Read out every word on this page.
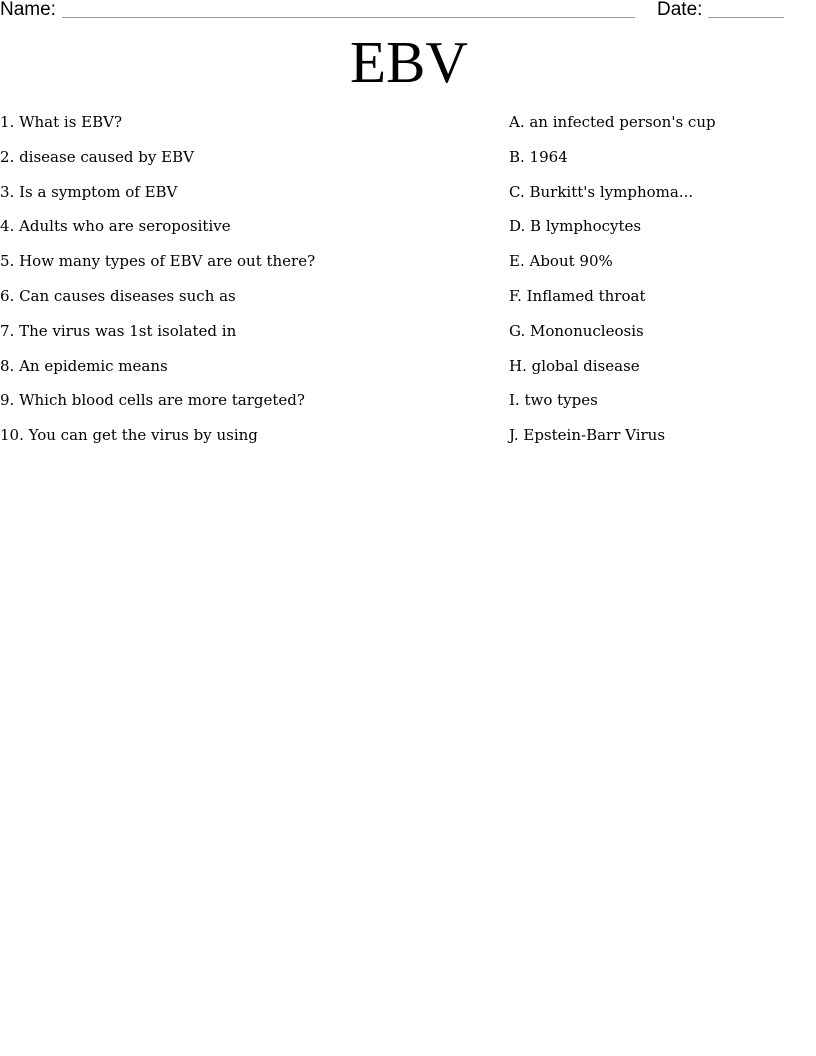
Name:	Date:
EBV
1. What is EBV?
2. disease caused by EBV
3. Is a symptom of EBV
4. Adults who are seropositive
5. How many types of EBV are out there?
6. Can causes diseases such as
7. The virus was 1st isolated in
8. An epidemic means
9. Which blood cells are more targeted?
10. You can get the virus by using
A. an infected person's cup
B. 1964
C. Burkitt's lymphoma...
D. B lymphocytes
E. About 90%
F. Inflamed throat
G. Mononucleosis
H. global disease
I. two types
J. Epstein-Barr Virus
